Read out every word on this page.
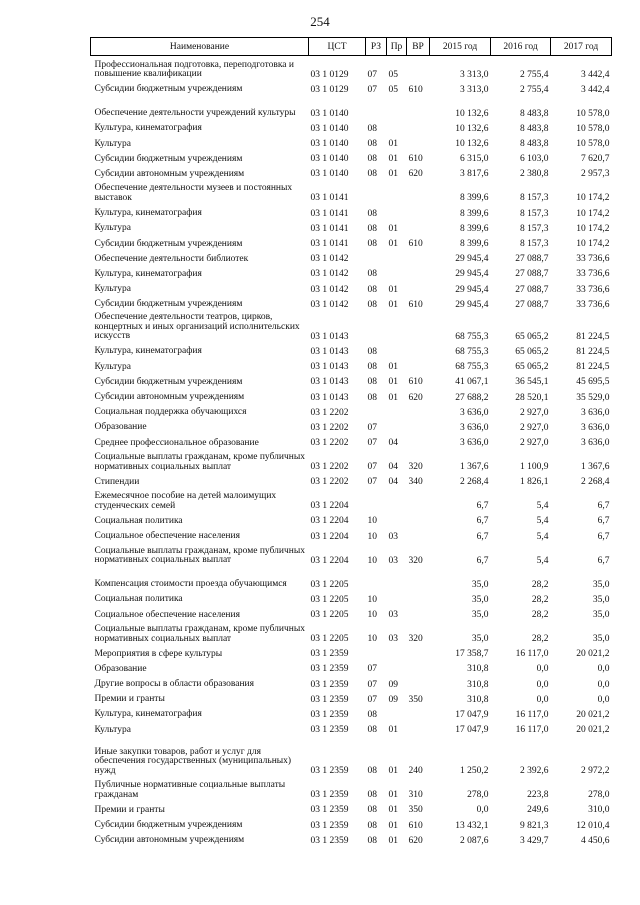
254
Наименование	ЦСТ	РЗ	Пр	ВР	2015 год	2016 год	2017 год
Профессиональная подготовка, переподготовка и повышение квалификации	03 1 0129	07	05		3 313,0	2 755,4	3 442,4
Субсидии бюджетным учреждениям	03 1 0129	07	05	610	3 313,0	2 755,4	3 442,4
Обеспечение деятельности учреждений культуры	03 1 0140				10 132,6	8 483,8	10 578,0
Культура, кинематография	03 1 0140	08			10 132,6	8 483,8	10 578,0
Культура	03 1 0140	08	01		10 132,6	8 483,8	10 578,0
Субсидии бюджетным учреждениям	03 1 0140	08	01	610	6 315,0	6 103,0	7 620,7
Субсидии автономным учреждениям	03 1 0140	08	01	620	3 817,6	2 380,8	2 957,3
Обеспечение деятельности музеев и постоянных выставок	03 1 0141				8 399,6	8 157,3	10 174,2
Культура, кинематография	03 1 0141	08			8 399,6	8 157,3	10 174,2
Культура	03 1 0141	08	01		8 399,6	8 157,3	10 174,2
Субсидии бюджетным учреждениям	03 1 0141	08	01	610	8 399,6	8 157,3	10 174,2
Обеспечение деятельности библиотек	03 1 0142				29 945,4	27 088,7	33 736,6
Культура, кинематография	03 1 0142	08			29 945,4	27 088,7	33 736,6
Культура	03 1 0142	08	01		29 945,4	27 088,7	33 736,6
Субсидии бюджетным учреждениям	03 1 0142	08	01	610	29 945,4	27 088,7	33 736,6
Обеспечение деятельности театров, цирков, концертных и иных организаций исполнительских искусств	03 1 0143				68 755,3	65 065,2	81 224,5
Культура, кинематография	03 1 0143	08			68 755,3	65 065,2	81 224,5
Культура	03 1 0143	08	01		68 755,3	65 065,2	81 224,5
Субсидии бюджетным учреждениям	03 1 0143	08	01	610	41 067,1	36 545,1	45 695,5
Субсидии автономным учреждениям	03 1 0143	08	01	620	27 688,2	28 520,1	35 529,0
Социальная поддержка обучающихся	03 1 2202				3 636,0	2 927,0	3 636,0
Образование	03 1 2202	07			3 636,0	2 927,0	3 636,0
Среднее профессиональное образование	03 1 2202	07	04		3 636,0	2 927,0	3 636,0
Социальные выплаты гражданам, кроме публичных нормативных социальных выплат	03 1 2202	07	04	320	1 367,6	1 100,9	1 367,6
Стипендии	03 1 2202	07	04	340	2 268,4	1 826,1	2 268,4
Ежемесячное пособие на детей малоимущих студенческих семей	03 1 2204				6,7	5,4	6,7
Социальная политика	03 1 2204	10			6,7	5,4	6,7
Социальное обеспечение населения	03 1 2204	10	03		6,7	5,4	6,7
Социальные выплаты гражданам, кроме публичных нормативных социальных выплат	03 1 2204	10	03	320	6,7	5,4	6,7
Компенсация стоимости проезда обучающимся	03 1 2205				35,0	28,2	35,0
Социальная политика	03 1 2205	10			35,0	28,2	35,0
Социальное обеспечение населения	03 1 2205	10	03		35,0	28,2	35,0
Социальные выплаты гражданам, кроме публичных нормативных социальных выплат	03 1 2205	10	03	320	35,0	28,2	35,0
Мероприятия в сфере культуры	03 1 2359				17 358,7	16 117,0	20 021,2
Образование	03 1 2359	07			310,8	0,0	0,0
Другие вопросы в области образования	03 1 2359	07	09		310,8	0,0	0,0
Премии и гранты	03 1 2359	07	09	350	310,8	0,0	0,0
Культура, кинематография	03 1 2359	08			17 047,9	16 117,0	20 021,2
Культура	03 1 2359	08	01		17 047,9	16 117,0	20 021,2
Иные закупки товаров, работ и услуг для обеспечения государственных (муниципальных) нужд	03 1 2359	08	01	240	1 250,2	2 392,6	2 972,2
Публичные нормативные социальные выплаты гражданам	03 1 2359	08	01	310	278,0	223,8	278,0
Премии и гранты	03 1 2359	08	01	350	0,0	249,6	310,0
Субсидии бюджетным учреждениям	03 1 2359	08	01	610	13 432,1	9 821,3	12 010,4
Субсидии автономным учреждениям	03 1 2359	08	01	620	2 087,6	3 429,7	4 450,6
